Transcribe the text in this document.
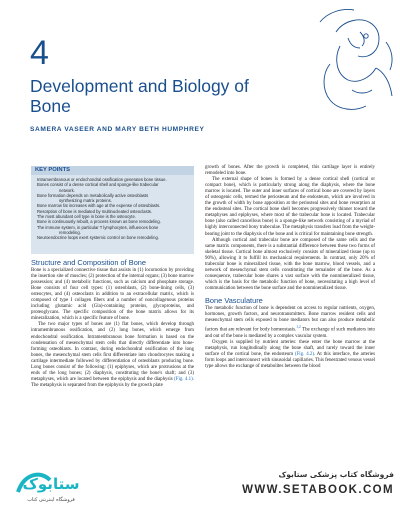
4
Development and Biology of Bone
SAMERA VASEER AND MARY BETH HUMPHREY
KEY POINTS
Intramembranous or endochondral ossification generates bone tissue.
Bones consist of a dense cortical shell and sponge-like trabecular
network.
Bone formation depends on metabolically active osteoblasts
synthesizing matrix proteins.
Bone marrow fat increases with age at the expense of osteoblasts.
Resorption of bone is mediated by multinucleated osteoclasts.
The most abundant cell type in bone is the osteocyte.
Bone is continuously rebuilt, a process known as bone remodeling.
The immune system, in particular T lymphocytes, influences bone
remodeling.
Neuroendocrine loops exert systemic control on bone remodeling.
Structure and Composition of Bone

Bone is a specialized connective tissue that assists in (1) locomotion by providing the insertion site of muscles; (2) protection of the internal organs; (3) bone marrow possession; and (4) metabolic functions, such as calcium and phosphate storage. Bone consists of four cell types: (1) osteoblasts, (2) bone-lining cells, (3) osteocytes, and (4) osteoclasts in addition to an extracellular matrix, which is composed of type I collagen fibers and a number of noncollagenous proteins including glutamic acid (Gla)-containing proteins, glycoproteins, and proteoglycans. The specific composition of the bone matrix allows for its mineralization, which is a specific feature of bone.

The two major types of bones are (1) flat bones, which develop through intramembranous ossification, and (2) long bones, which emerge from endochondral ossification. Intramembranous bone formation is based on the condensation of mesenchymal stem cells that directly differentiate into bone-forming osteoblasts. In contrast, during endochondral ossification of the long bones, the mesenchymal stem cells first differentiate into chondrocytes making a cartilage intermediate followed by differentiation of osteoblasts producing bone. Long bones consist of the following: (1) epiphyses, which are protrusions at the ends of the long bones; (2) diaphysis, constituting the bone's shaft; and (3) metaphyses, which are located between the epiphysis and the diaphysis (Fig. 4.1). The metaphysis is separated from the epiphysis by the growth plate

growth of bones. After the growth is completed, this cartilage layer is entirely remodeled into bone.

The external shape of bones is formed by a dense cortical shell (cortical or compact bone), which is particularly strong along the diaphysis, where the bone marrow is located. The outer and inner surfaces of cortical bone are covered by layers of osteogenic cells, termed the periosteum and the endosteum, which are involved in the growth of width by bone apposition at the periosteal sites and bone resorption at the endosteal sites. The cortical bone shell becomes progressively thinner toward the metaphyses and epiphyses, where most of the trabecular bone is located. Trabecular bone (also called cancellous bone) is a sponge-like network consisting of a myriad of highly interconnected bony trabeculae. The metaphysis transfers load from the weight-bearing joint to the diaphysis of the bone and is critical for maintaining bone strength.

Although cortical and trabecular bone are composed of the same cells and the same matrix components, there is a substantial difference between these two forms of skeletal tissue. Cortical bone almost exclusively consists of mineralized tissue (up to 90%), allowing it to fulfill its mechanical requirements. In contrast, only 20% of trabecular bone is mineralized tissue, with the bone marrow, blood vessels, and a network of mesenchymal stem cells constituting the remainder of the bone. As a consequence, trabecular bone shares a vast surface with the nonmineralized tissue, which is the basis for the metabolic function of bone, necessitating a high level of communication between the bone surface and the nonmineralized tissue.

Bone Vasculature

The metabolic function of bone is dependent on access to regular nutrients, oxygen, hormones, growth factors, and neurotransmitters. Bone marrow resident cells and mesenchymal stem cells exposed to bone mediators but can also produce metabolic factors that are relevant for body homeostasis.$^{1,2}$ The exchange of such mediators into and out of the bone is mediated by a complex vascular system.

Oxygen is supplied by nutrient arteries: these enter the bone marrow at the metaphysis, run longitudinally along the bone shaft, and rarely toward the inner surface of the cortical bone, the endosteum (Fig. 4.2). At this interface, the arteries form loops and interconnect with sinusoidal capillaries. This fenestrated venous vessel type allows the exchange of metabolites between the blood

ستابوک
فروشگاه اینترنتی کتاب
فروشگاه کتاب پزشکی ستابوک
WWW.SETABOOK.COM
